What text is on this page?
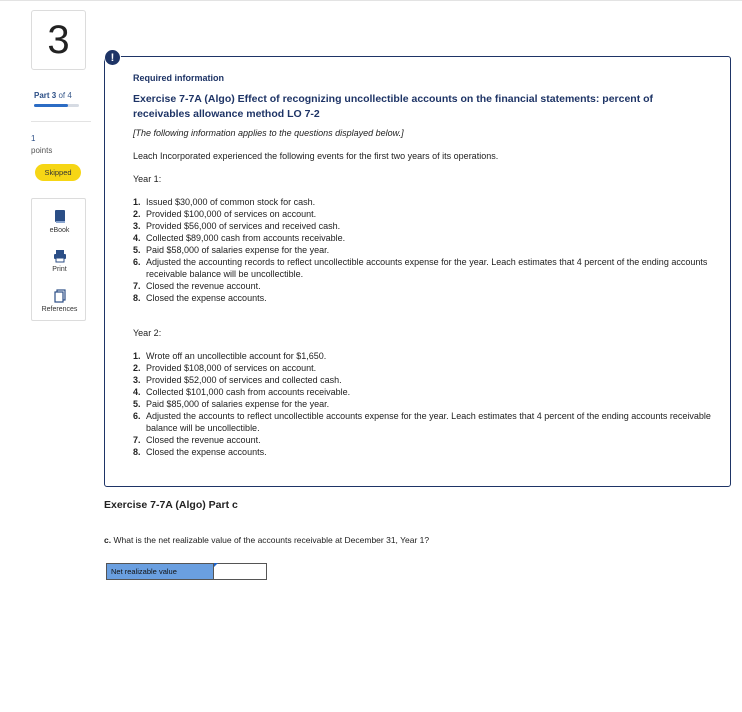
3
Part 3 of 4
1
points
Skipped
eBook
Print
References
!
Required information
Exercise 7-7A (Algo) Effect of recognizing uncollectible accounts on the financial statements: percent of receivables allowance method LO 7-2
[The following information applies to the questions displayed below.]
Leach Incorporated experienced the following events for the first two years of its operations.
Year 1:
1. Issued $30,000 of common stock for cash.
2. Provided $100,000 of services on account.
3. Provided $56,000 of services and received cash.
4. Collected $89,000 cash from accounts receivable.
5. Paid $58,000 of salaries expense for the year.
6. Adjusted the accounting records to reflect uncollectible accounts expense for the year. Leach estimates that 4 percent of the ending accounts receivable balance will be uncollectible.
7. Closed the revenue account.
8. Closed the expense accounts.
Year 2:
1. Wrote off an uncollectible account for $1,650.
2. Provided $108,000 of services on account.
3. Provided $52,000 of services and collected cash.
4. Collected $101,000 cash from accounts receivable.
5. Paid $85,000 of salaries expense for the year.
6. Adjusted the accounts to reflect uncollectible accounts expense for the year. Leach estimates that 4 percent of the ending accounts receivable balance will be uncollectible.
7. Closed the revenue account.
8. Closed the expense accounts.
Exercise 7-7A (Algo) Part c
c. What is the net realizable value of the accounts receivable at December 31, Year 1?
Net realizable value
